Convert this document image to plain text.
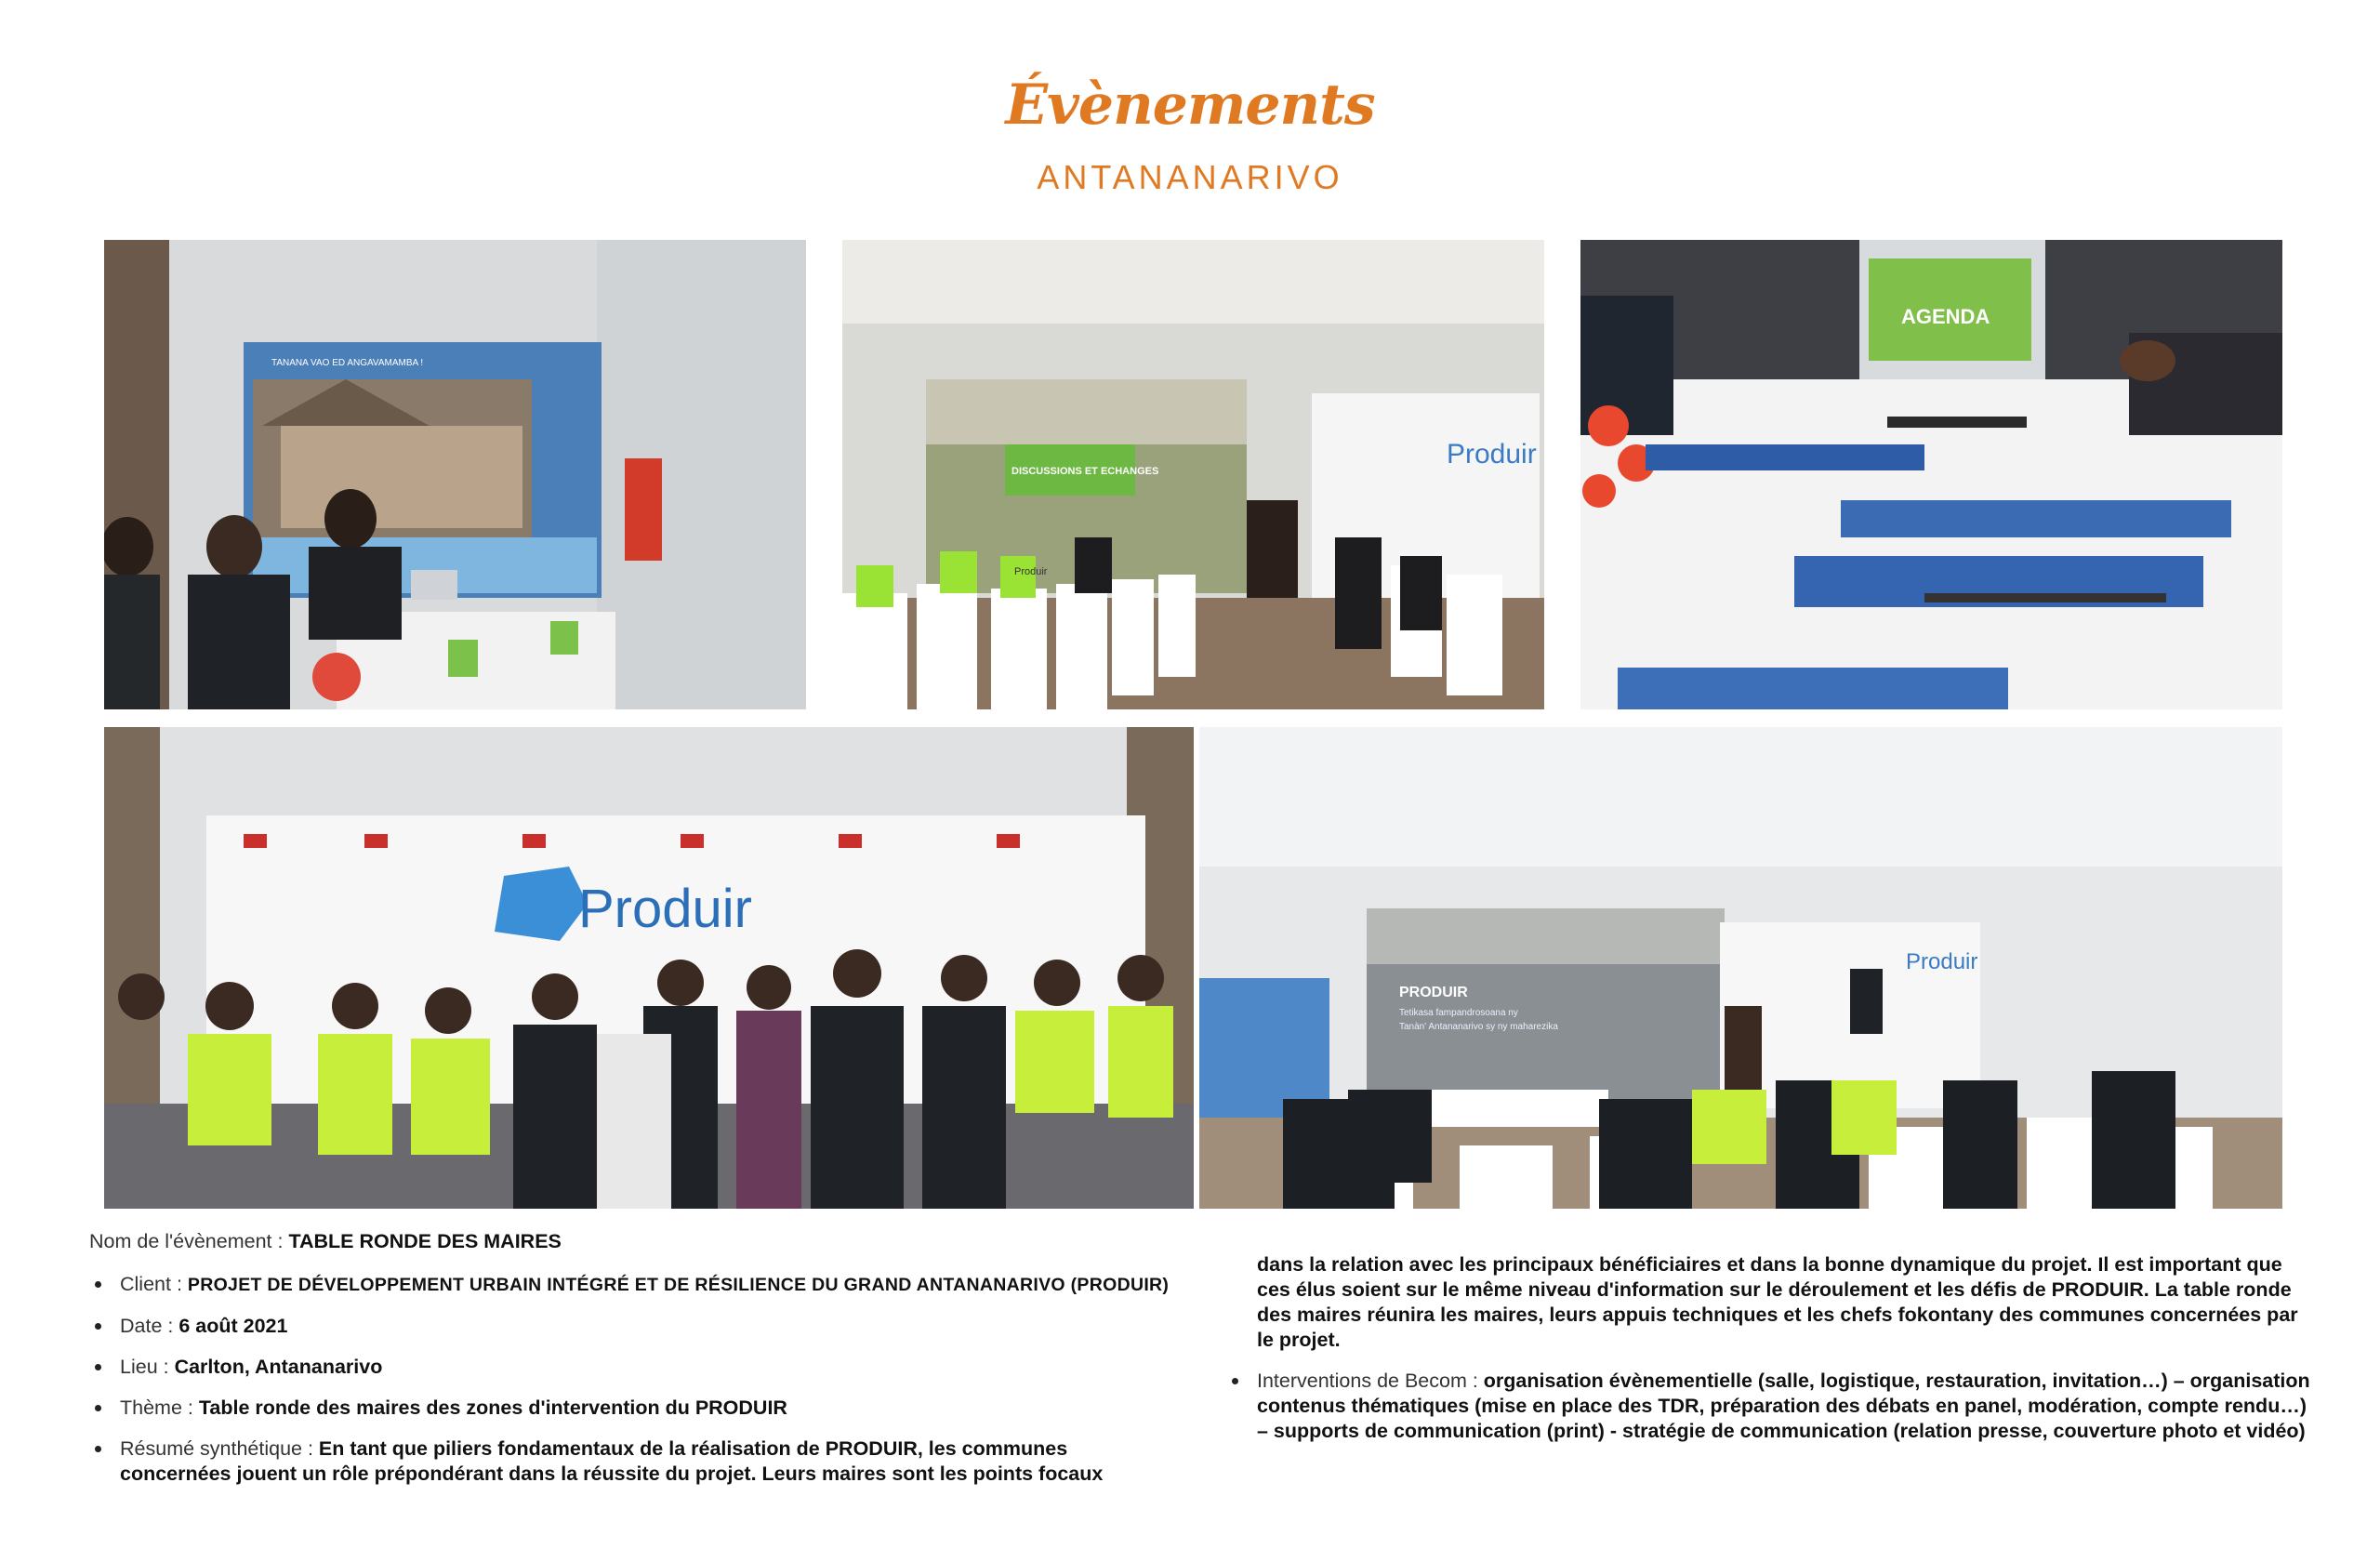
Évènements
ANTANANARIVO
TANANA VAO ED ANGAVAMAMBA !
DISCUSSIONS ET ECHANGES
Produir
Produir
AGENDA
Produir
PRODUIR
Tetikasa fampandrosoana ny
Tanàn' Antananarivo sy ny maharezika
Produir
Nom de l'évènement : TABLE RONDE DES MAIRES
Client : PROJET DE DÉVELOPPEMENT URBAIN INTÉGRÉ ET DE RÉSILIENCE DU GRAND ANTANANARIVO (PRODUIR)
Date : 6 août 2021
Lieu : Carlton, Antananarivo
Thème : Table ronde des maires des zones d'intervention du PRODUIR
Résumé synthétique : En tant que piliers fondamentaux de la réalisation de PRODUIR, les communes concernées jouent un rôle prépondérant dans la réussite du projet. Leurs maires sont les points focaux

dans la relation avec les principaux bénéficiaires et dans la bonne dynamique du projet. Il est important que ces élus soient sur le même niveau d'information sur le déroulement et les défis de PRODUIR. La table ronde des maires réunira les maires, leurs appuis techniques et les chefs fokontany des communes concernées par le projet.

Interventions de Becom : organisation évènementielle (salle, logistique, restauration, invitation…) – organisation contenus thématiques (mise en place des TDR, préparation des débats en panel, modération, compte rendu…) – supports de communication (print) - stratégie de communication (relation presse, couverture photo et vidéo)
